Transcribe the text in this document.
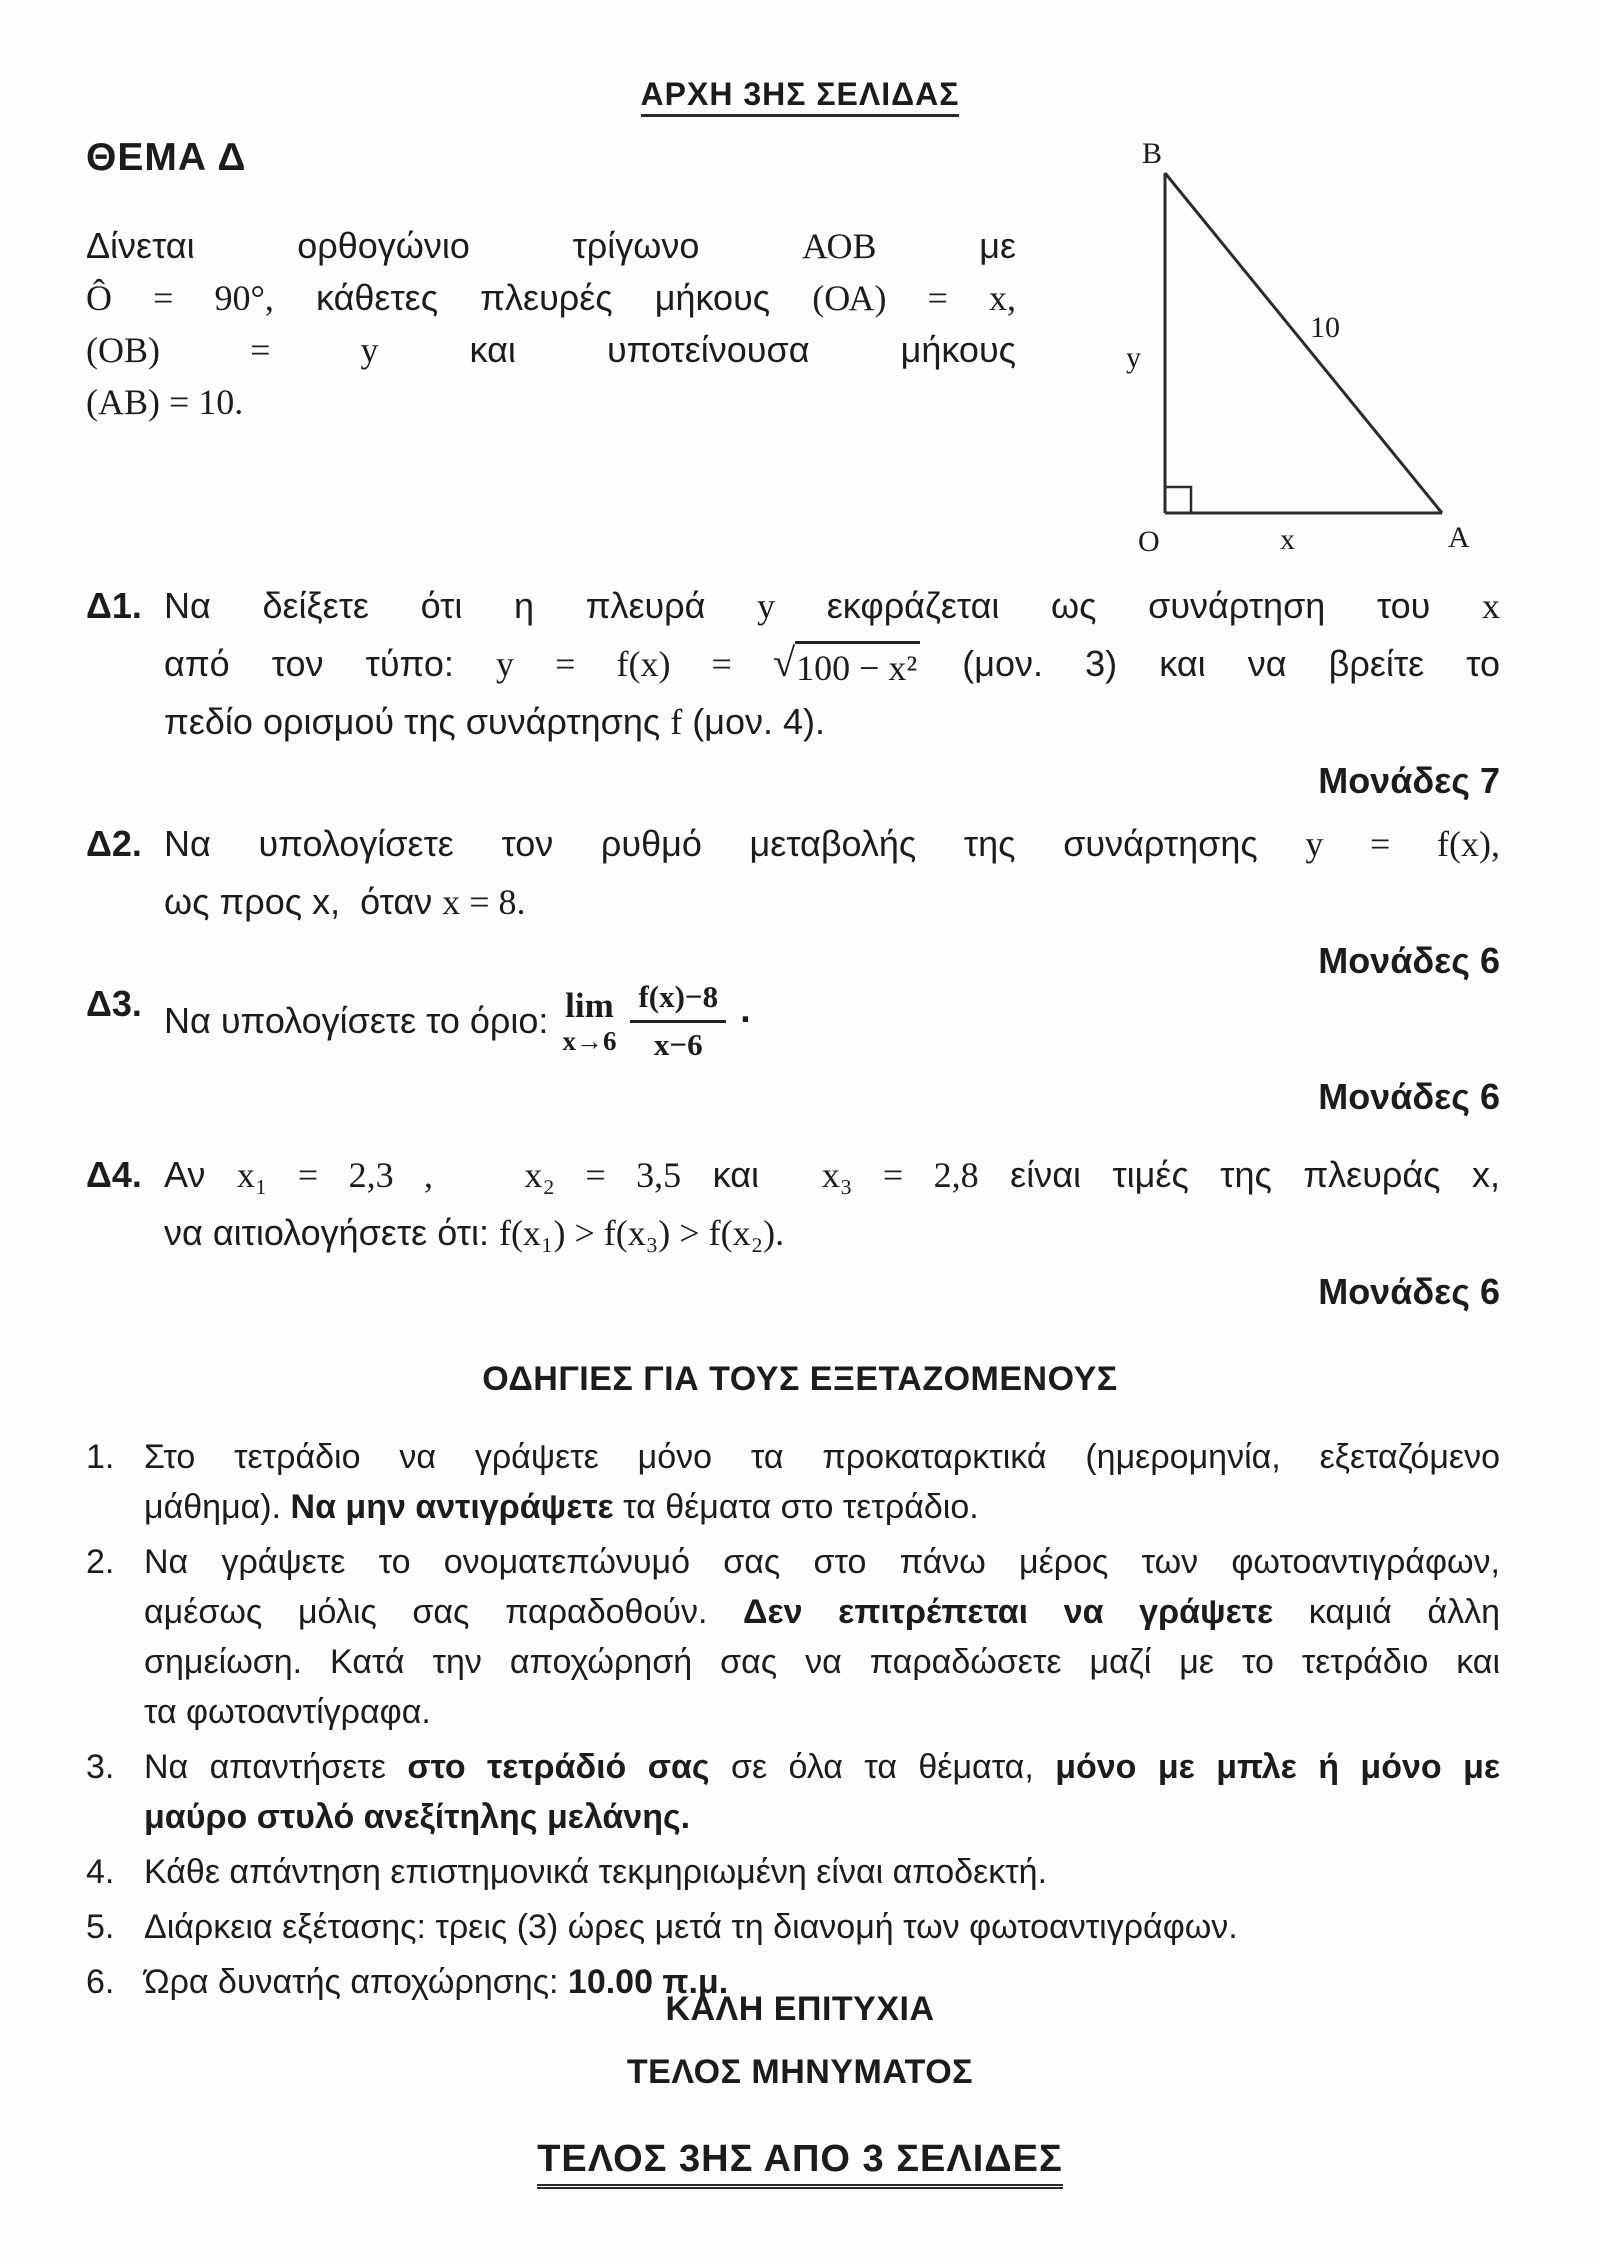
ΑΡΧΗ 3ΗΣ ΣΕΛΙΔΑΣ
ΘΕΜΑ Δ
Δίνεται ορθογώνιο τρίγωνο ΑΟΒ με
Ô = 90°, κάθετες πλευρές μήκους (ΟΑ) = x,
(ΟΒ) = y και υποτείνουσα μήκους
(ΑΒ) = 10.
B
y
10
O	x	A
Δ1. Να δείξετε ότι η πλευρά y εκφράζεται ως συνάρτηση του x
από τον τύπο: y = f(x) = √ 100 − x² (μον. 3) και να βρείτε το
πεδίο ορισμού της συνάρτησης f (μον. 4).
Μονάδες 7
Δ2. Να υπολογίσετε τον ρυθμό μεταβολής της συνάρτησης y = f(x),
ως προς x,  όταν x = 8.
Μονάδες 6
Δ3. Να υπολογίσετε το όριο: lim
$x\to 6 \frac{f(x)-8}{x-6}$ ·
Μονάδες 6
Δ4. Αν x₁ = 2,3 ,   x₂ = 3,5 και  x₃ = 2,8 είναι τιμές της πλευράς x,
να αιτιολογήσετε ότι: f(x₁) > f(x₃) > f(x₂).
Μονάδες 6
ΟΔΗΓΙΕΣ ΓΙΑ ΤΟΥΣ ΕΞΕΤΑΖΟΜΕΝΟΥΣ
1. Στο τετράδιο να γράψετε μόνο τα προκαταρκτικά (ημερομηνία, εξεταζόμενο
μάθημα). Να μην αντιγράψετε τα θέματα στο τετράδιο.
2. Να γράψετε το ονοματεπώνυμό σας στο πάνω μέρος των φωτοαντιγράφων,
αμέσως μόλις σας παραδοθούν. Δεν επιτρέπεται να γράψετε καμιά άλλη
σημείωση. Κατά την αποχώρησή σας να παραδώσετε μαζί με το τετράδιο και
τα φωτοαντίγραφα.
3. Να απαντήσετε στο τετράδιό σας σε όλα τα θέματα, μόνο με μπλε ή μόνο με
μαύρο στυλό ανεξίτηλης μελάνης.
4. Κάθε απάντηση επιστημονικά τεκμηριωμένη είναι αποδεκτή.
5. Διάρκεια εξέτασης: τρεις (3) ώρες μετά τη διανομή των φωτοαντιγράφων.
6. Ώρα δυνατής αποχώρησης: 10.00 π.μ.
ΚΑΛΗ ΕΠΙΤΥΧΙΑ
ΤΕΛΟΣ ΜΗΝΥΜΑΤΟΣ
ΤΕΛΟΣ 3ΗΣ ΑΠΟ 3 ΣΕΛΙΔΕΣ
